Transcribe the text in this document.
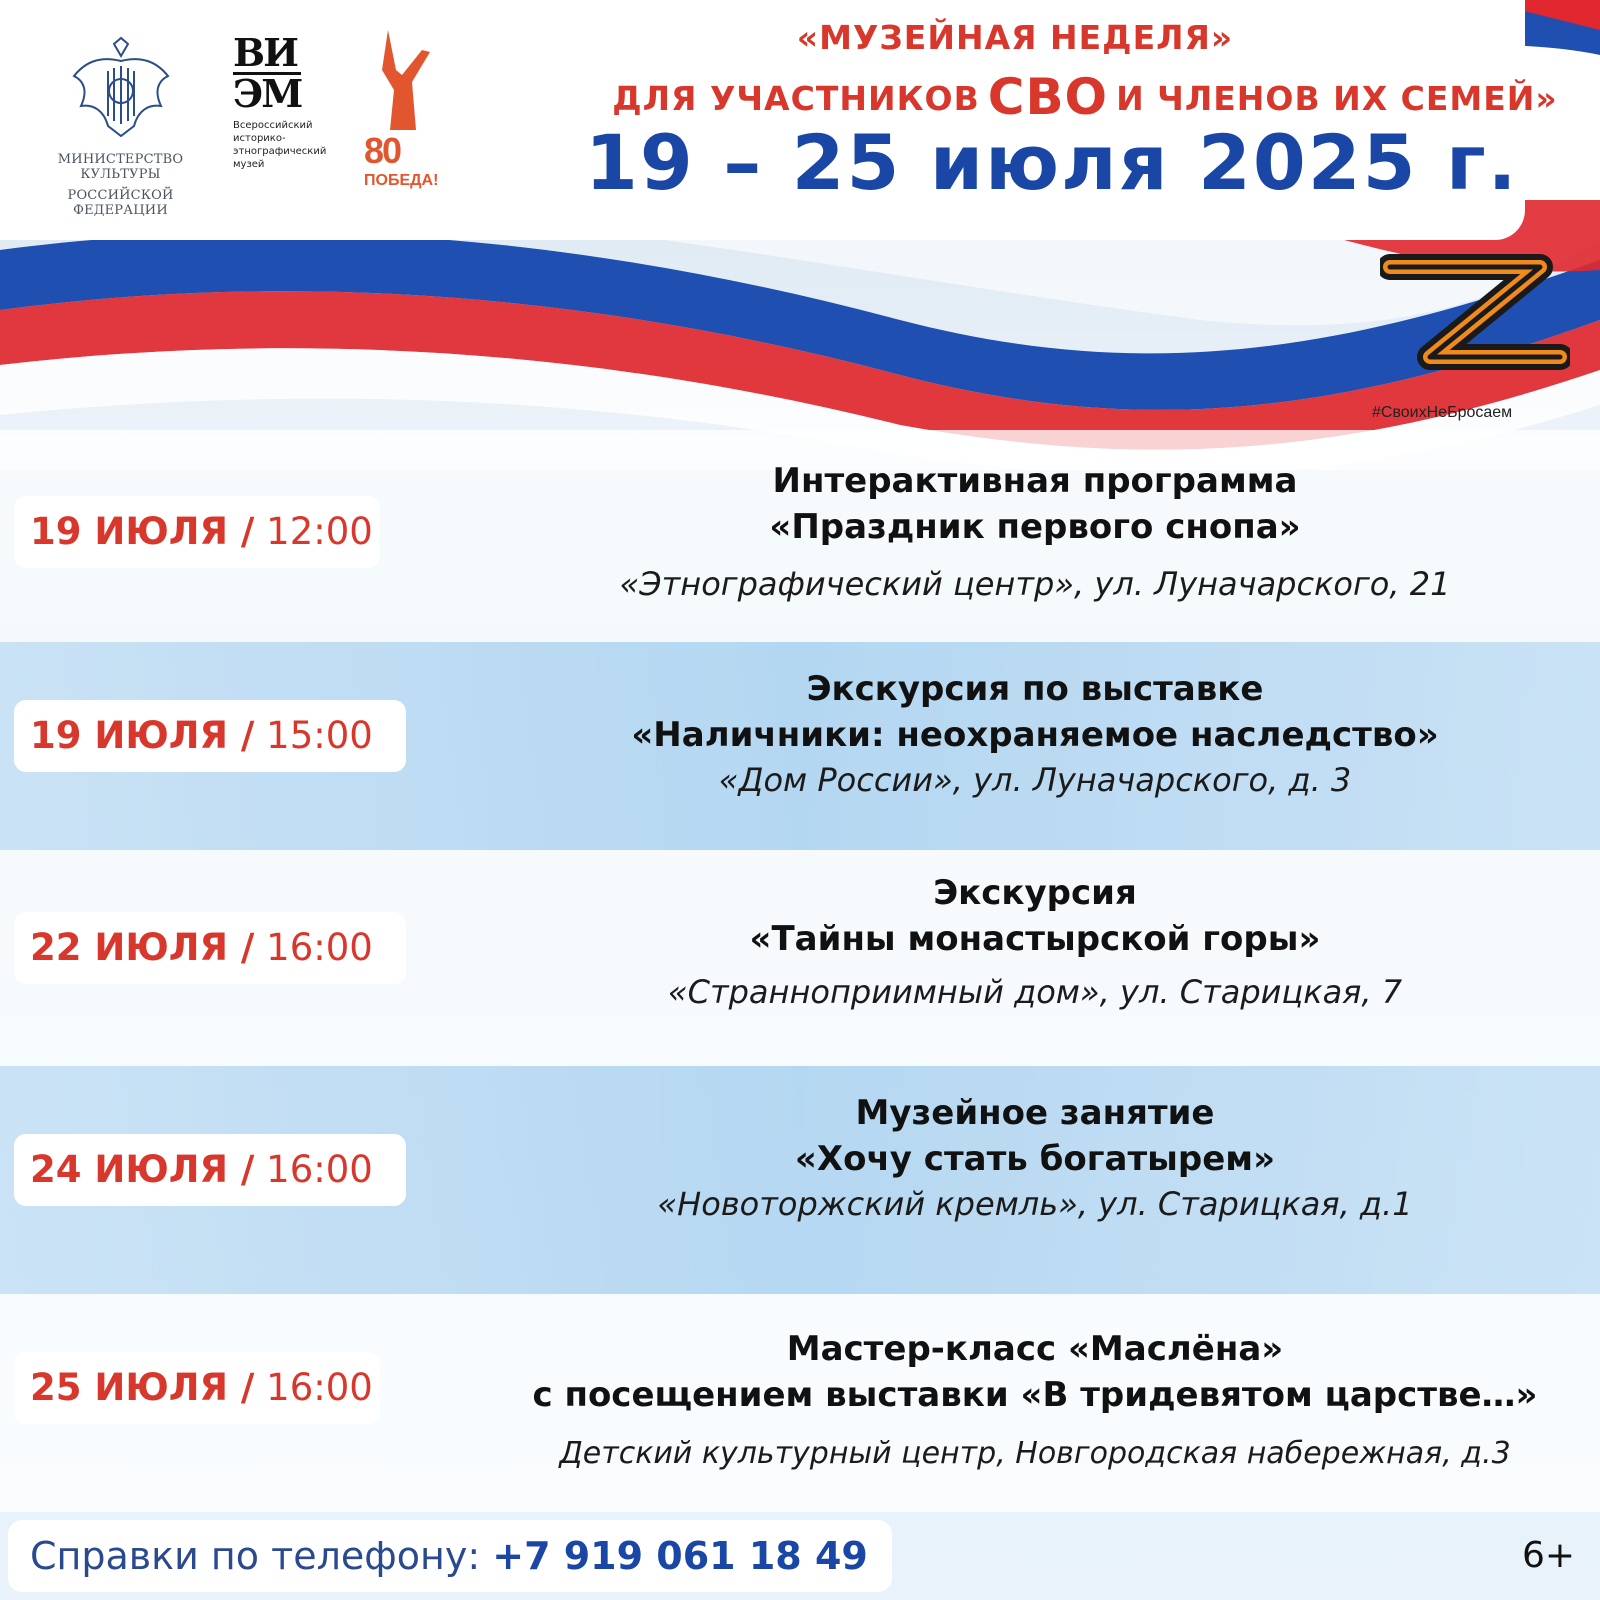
МИНИСТЕРСТВО КУЛЬТУРЫ
РОССИЙСКОЙ ФЕДЕРАЦИИ
ВИ
ЭМ
Всероссийский
историко-
этнографический
музей	80
ПОБЕДА!
«МУЗЕЙНАЯ НЕДЕЛЯ»
ДЛЯ УЧАСТНИКОВ СВО И ЧЛЕНОВ ИХ СЕМЕЙ»
19 – 25 июля 2025 г.
#СвоихНеБросаем
19 ИЮЛЯ / 12:00
Интерактивная программа
«Праздник первого снопа»
«Этнографический центр», ул. Луначарского, 21
19 ИЮЛЯ / 15:00
Экскурсия по выставке
«Наличники: неохраняемое наследство»
«Дом России», ул. Луначарского, д. 3
22 ИЮЛЯ / 16:00
Экскурсия
«Тайны монастырской горы»
«Странноприимный дом», ул. Старицкая, 7
24 ИЮЛЯ / 16:00
Музейное занятие
«Хочу стать богатырем»
«Новоторжский кремль», ул. Старицкая, д.1
25 ИЮЛЯ / 16:00
Мастер-класс «Маслёна»
с посещением выставки «В тридевятом царстве…»
Детский культурный центр, Новгородская набережная, д.3
Справки по телефону: +7 919 061 18 49	6+
